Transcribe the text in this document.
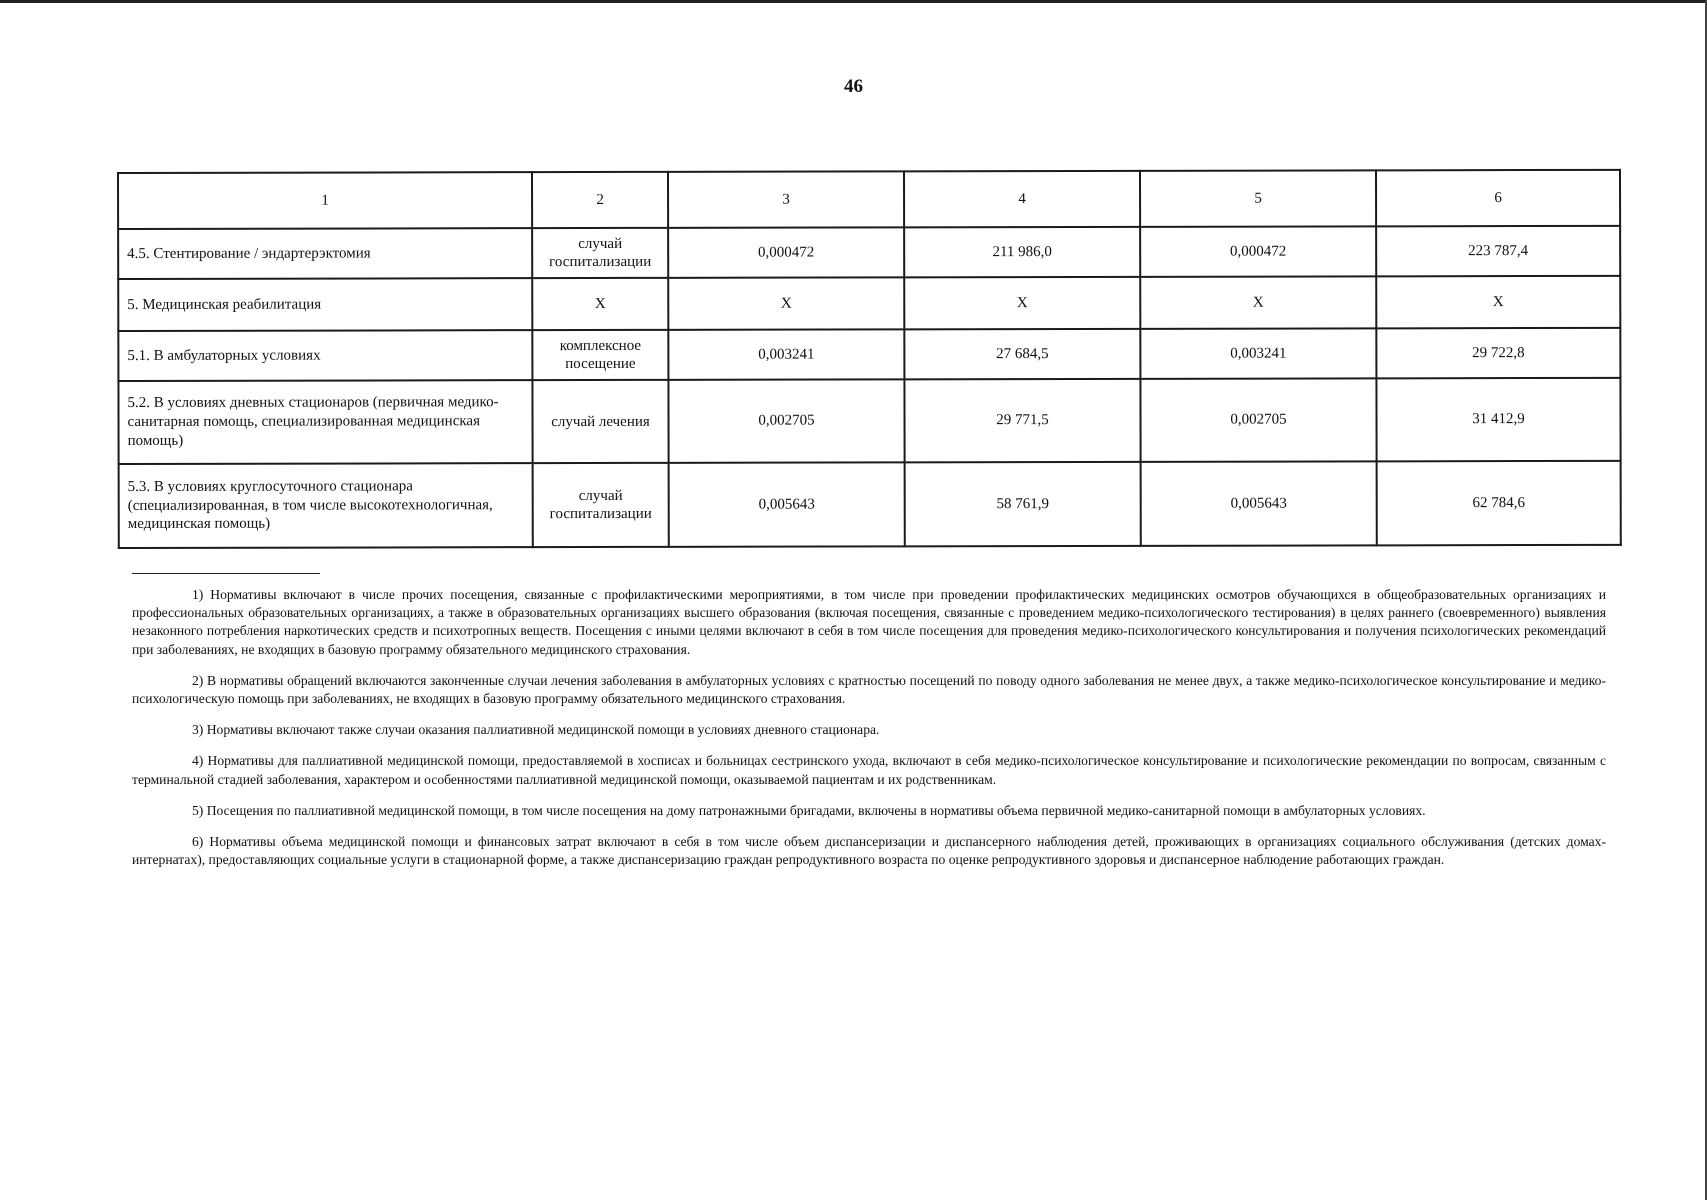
46
1	2	3	4	5	6
4.5. Стентирование / эндартерэктомия	случай госпитализации	0,000472	211 986,0	0,000472	223 787,4
5. Медицинская реабилитация	X	X	X	X	X
5.1. В амбулаторных условиях	комплексное посещение	0,003241	27 684,5	0,003241	29 722,8
5.2. В условиях дневных стационаров (первичная медико-санитарная помощь, специализированная медицинская помощь)	случай лечения	0,002705	29 771,5	0,002705	31 412,9
5.3. В условиях круглосуточного стационара (специализированная, в том числе высокотехнологичная, медицинская помощь)	случай госпитализации	0,005643	58 761,9	0,005643	62 784,6

1) Нормативы включают в числе прочих посещения, связанные с профилактическими мероприятиями, в том числе при проведении профилактических медицинских осмотров обучающихся в общеобразовательных организациях и профессиональных образовательных организациях, а также в образовательных организациях высшего образования (включая посещения, связанные с проведением медико-психологического тестирования) в целях раннего (своевременного) выявления незаконного потребления наркотических средств и психотропных веществ. Посещения с иными целями включают в себя в том числе посещения для проведения медико-психологического консультирования и получения психологических рекомендаций при заболеваниях, не входящих в базовую программу обязательного медицинского страхования.

2) В нормативы обращений включаются законченные случаи лечения заболевания в амбулаторных условиях с кратностью посещений по поводу одного заболевания не менее двух, а также медико-психологическое консультирование и медико-психологическую помощь при заболеваниях, не входящих в базовую программу обязательного медицинского страхования.

3) Нормативы включают также случаи оказания паллиативной медицинской помощи в условиях дневного стационара.

4) Нормативы для паллиативной медицинской помощи, предоставляемой в хосписах и больницах сестринского ухода, включают в себя медико-психологическое консультирование и психологические рекомендации по вопросам, связанным с терминальной стадией заболевания, характером и особенностями паллиативной медицинской помощи, оказываемой пациентам и их родственникам.

5) Посещения по паллиативной медицинской помощи, в том числе посещения на дому патронажными бригадами, включены в нормативы объема первичной медико-санитарной помощи в амбулаторных условиях.

6) Нормативы объема медицинской помощи и финансовых затрат включают в себя в том числе объем диспансеризации и диспансерного наблюдения детей, проживающих в организациях социального обслуживания (детских домах-интернатах), предоставляющих социальные услуги в стационарной форме, а также диспансеризацию граждан репродуктивного возраста по оценке репродуктивного здоровья и диспансерное наблюдение работающих граждан.
